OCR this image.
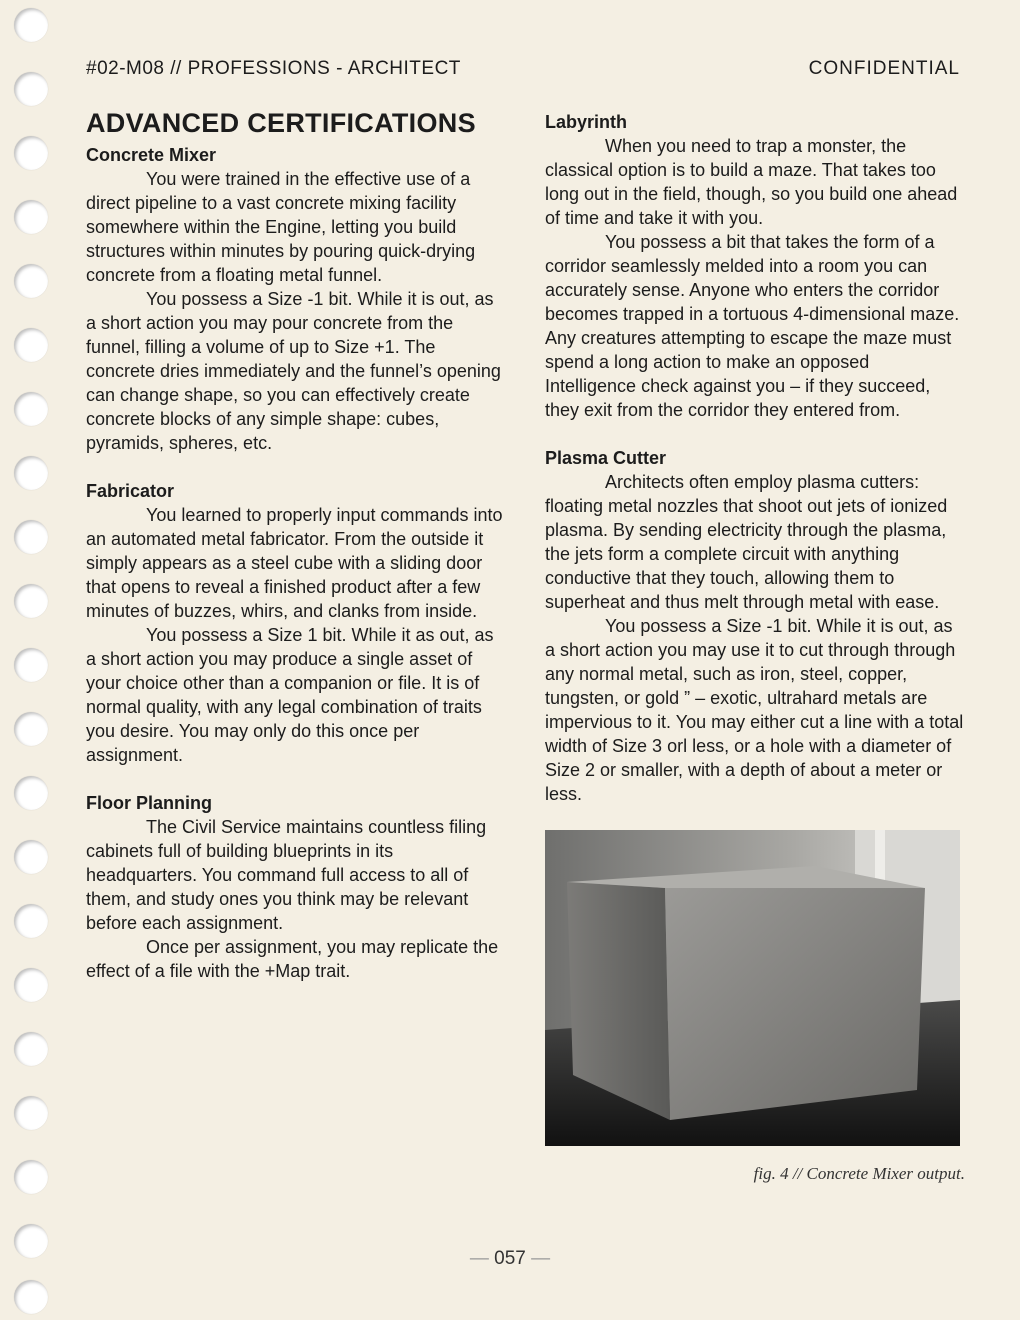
#02-M08 // PROFESSIONS - ARCHITECT	CONFIDENTIAL
ADVANCED CERTIFICATIONS
Concrete Mixer

You were trained in the effective use of a direct pipeline to a vast concrete mixing facility somewhere within the Engine, letting you build structures within minutes by pouring quick-drying concrete from a floating metal funnel.

You possess a Size -1 bit. While it is out, as a short action you may pour concrete from the funnel, filling a volume of up to Size +1. The concrete dries immediately and the funnel’s opening can change shape, so you can effectively create concrete blocks of any simple shape: cubes, pyramids, spheres, etc.

Fabricator

You learned to properly input commands into an automated metal fabricator. From the outside it simply appears as a steel cube with a sliding door that opens to reveal a finished product after a few minutes of buzzes, whirs, and clanks from inside.

You possess a Size 1 bit. While it as out, as a short action you may produce a single asset of your choice other than a companion or file. It is of normal quality, with any legal combination of traits you desire. You may only do this once per assignment.

Floor Planning

The Civil Service maintains countless filing cabinets full of building blueprints in its headquarters. You command full access to all of them, and study ones you think may be relevant before each assignment.

Once per assignment, you may replicate the effect of a file with the +Map trait.

Labyrinth

When you need to trap a monster, the classical option is to build a maze. That takes too long out in the field, though, so you build one ahead of time and take it with you.

You possess a bit that takes the form of a corridor seamlessly melded into a room you can accurately sense. Anyone who enters the corridor becomes trapped in a tortuous 4-dimensional maze. Any creatures attempting to escape the maze must spend a long action to make an opposed Intelligence check against you – if they succeed, they exit from the corridor they entered from.

Plasma Cutter

Architects often employ plasma cutters: floating metal nozzles that shoot out jets of ionized plasma. By sending electricity through the plasma, the jets form a complete circuit with anything conductive that they touch, allowing them to superheat and thus melt through metal with ease.

You possess a Size -1 bit. While it is out, as a short action you may use it to cut through through any normal metal, such as iron, steel, copper, tungsten, or gold ” – exotic, ultrahard metals are impervious to it. You may either cut a line with a total width of Size 3 orl less, or a hole with a diameter of Size 2 or smaller, with a depth of about a meter or less.

fig. 4 // Concrete Mixer output.
— 057 —
